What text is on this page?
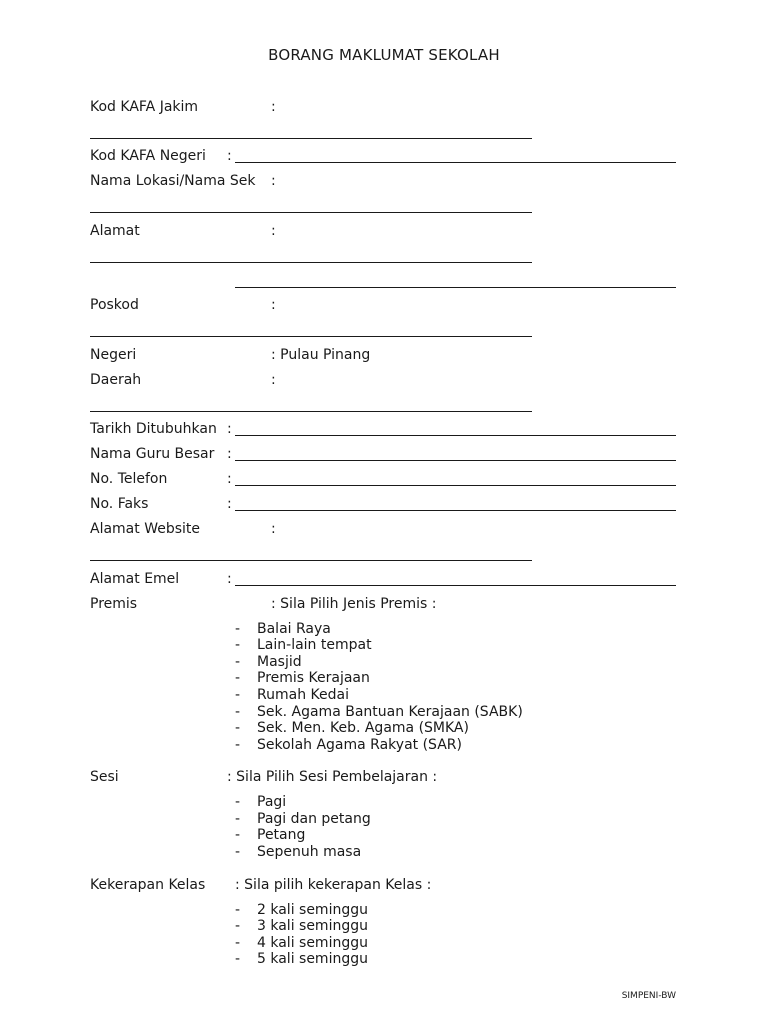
BORANG MAKLUMAT SEKOLAH
Kod KAFA Jakim	:
Kod KAFA Negeri :
Nama Lokasi/Nama Sek :
Alamat	:
Poskod	:
Negeri	: Pulau Pinang
Daerah	:
Tarikh Ditubuhkan :
Nama Guru Besar :
No. Telefon	:
No. Faks	:
Alamat Website	:
Alamat Emel	:
Premis	: Sila Pilih Jenis Premis :
- Balai Raya
- Lain-lain tempat
- Masjid
- Premis Kerajaan
- Rumah Kedai
- Sek. Agama Bantuan Kerajaan (SABK)
- Sek. Men. Keb. Agama (SMKA)
- Sekolah Agama Rakyat (SAR)
Sesi	: Sila Pilih Sesi Pembelajaran :
- Pagi
- Pagi dan petang
- Petang
- Sepenuh masa
Kekerapan Kelas : Sila pilih kekerapan Kelas :
- 2 kali seminggu
- 3 kali seminggu
- 4 kali seminggu
- 5 kali seminggu
SIMPENI-BW
